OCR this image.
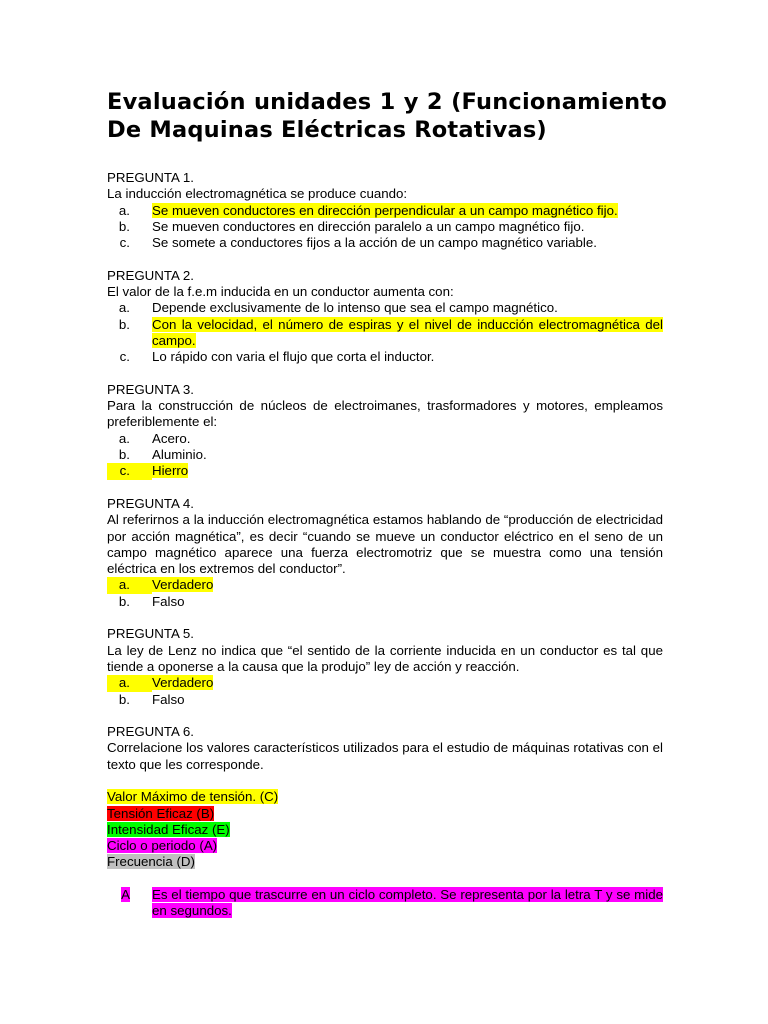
Evaluación unidades 1 y 2 (Funcionamiento De Maquinas Eléctricas Rotativas)
PREGUNTA 1.
La inducción electromagnética se produce cuando:
a.	Se mueven conductores en dirección perpendicular a un campo magnético fijo.
b.	Se mueven conductores en dirección paralelo a un campo magnético fijo.
c.	Se somete a conductores fijos a la acción de un campo magnético variable.
PREGUNTA 2.
El valor de la f.e.m inducida en un conductor aumenta con:
a.	Depende exclusivamente de lo intenso que sea el campo magnético.
b.	Con la velocidad, el número de espiras y el nivel de inducción electromagnética del campo.
c.	Lo rápido con varia el flujo que corta el inductor.
PREGUNTA 3.
Para la construcción de núcleos de electroimanes, trasformadores y motores, empleamos preferiblemente el:
a.	Acero.
b.	Aluminio.
c.	Hierro
PREGUNTA 4.
Al referirnos a la inducción electromagnética estamos hablando de “producción de electricidad por acción magnética”, es decir “cuando se mueve un conductor eléctrico en el seno de un campo magnético aparece una fuerza electromotriz que se muestra como una tensión eléctrica en los extremos del conductor”.
a.	Verdadero
b.	Falso
PREGUNTA 5.
La ley de Lenz no indica que “el sentido de la corriente inducida en un conductor es tal que tiende a oponerse a la causa que la produjo” ley de acción y reacción.
a.	Verdadero
b.	Falso
PREGUNTA 6.
Correlacione los valores característicos utilizados para el estudio de máquinas rotativas con el texto que les corresponde.
Valor Máximo de tensión. (C)
Tensión Eficaz (B)
Intensidad Eficaz (E)
Ciclo o periodo (A)
Frecuencia (D)
A	Es el tiempo que trascurre en un ciclo completo. Se representa por la letra T y se mide en segundos.
